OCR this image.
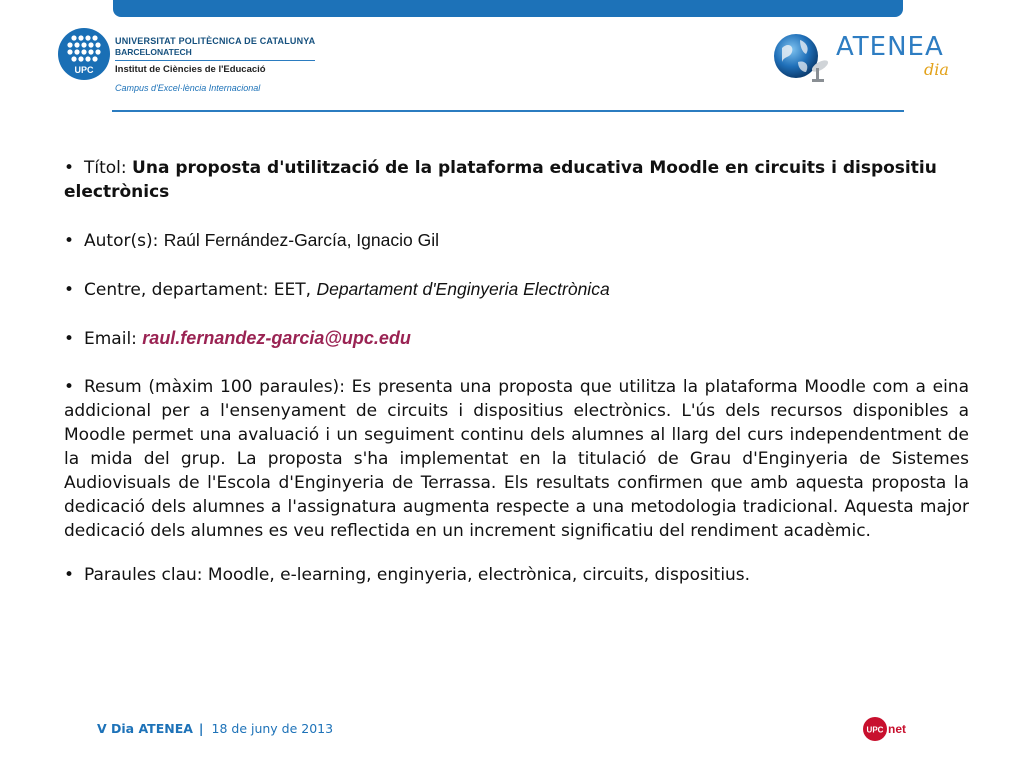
UPC
UNIVERSITAT POLITÈCNICA DE CATALUNYA
BARCELONATECH
Institut de Ciències de l'Educació
Campus d'Excel·lència Internacional
ATENEA
dia

• Títol: Una proposta d'utilització de la plataforma educativa Moodle en circuits i dispositiu electrònics

• Autor(s): Raúl Fernández-García, Ignacio Gil

• Centre, departament: EET, Departament d'Enginyeria Electrònica

• Email: raul.fernandez-garcia@upc.edu

• Resum (màxim 100 paraules): Es presenta una proposta que utilitza la plataforma Moodle com a eina addicional per a l'ensenyament de circuits i dispositius electrònics. L'ús dels recursos disponibles a Moodle permet una avaluació i un seguiment continu dels alumnes al llarg del curs independentment de la mida del grup. La proposta s'ha implementat en la titulació de Grau d'Enginyeria de Sistemes Audiovisuals de l'Escola d'Enginyeria de Terrassa. Els resultats confirmen que amb aquesta proposta la dedicació dels alumnes a l'assignatura augmenta respecte a una metodologia tradicional. Aquesta major dedicació dels alumnes es veu reflectida en un increment significatiu del rendiment acadèmic.

• Paraules clau: Moodle, e-learning, enginyeria, electrònica, circuits, dispositius.

V Dia ATENEA | 18 de juny de 2013	UPC net
